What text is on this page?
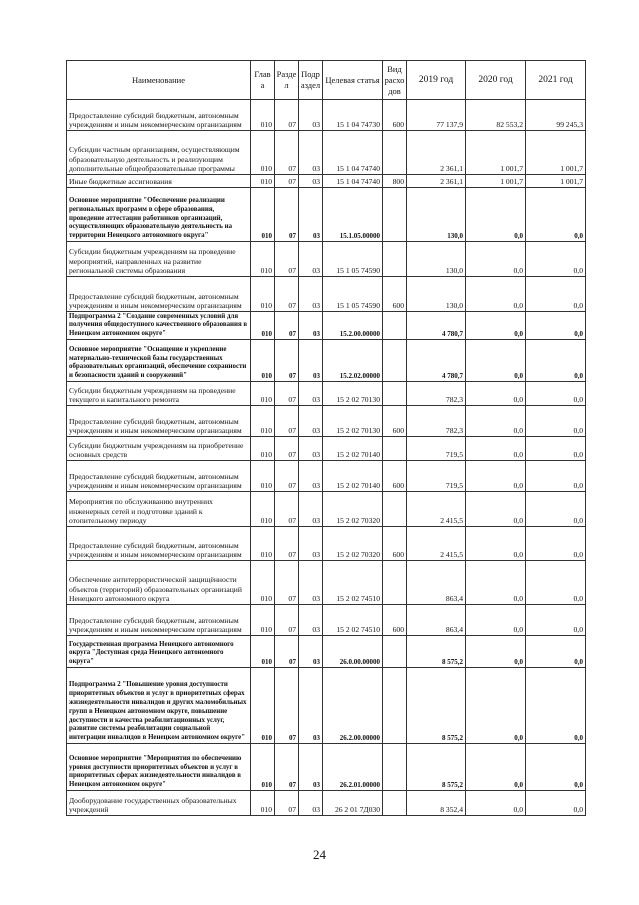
Наименование	Глав а	Разде л	Подр аздел	Целевая статья	Вид расхо дов	2019 год	2020 год	2021 год
Предоставление субсидий бюджетным, автономным учреждениям и иным некоммерческим организациям	010	07	03	15 1 04 74730	600	77 137,9	82 553,2	99 245,3
Субсидии частным организациям, осуществляющим образовательную деятельность и реализующим дополнительные общеобразовательные программы	010	07	03	15 1 04 74740		2 361,1	1 001,7	1 001,7
Иные бюджетные ассигнования	010	07	03	15 1 04 74740	800	2 361,1	1 001,7	1 001,7
Основное мероприятие "Обеспечение реализации региональных программ в сфере образования, проведение аттестации работников организаций, осуществляющих образовательную деятельность на территории Ненецкого автономного округа"	010	07	03	15.1.05.00000		130,0	0,0	0,0
Субсидии бюджетным учреждениям на проведение мероприятий, направленных на развитие региональной системы образования	010	07	03	15 1 05 74590		130,0	0,0	0,0
Предоставление субсидий бюджетным, автономным учреждениям и иным некоммерческим организациям	010	07	03	15 1 05 74590	600	130,0	0,0	0,0
Подпрограмма 2 "Создание современных условий для получения общедоступного качественного образования в Ненецком автономном округе"	010	07	03	15.2.00.00000		4 780,7	0,0	0,0
Основное мероприятие "Оснащение и укрепление материально-технической базы государственных образовательных организаций, обеспечение сохранности и безопасности зданий и сооружений"	010	07	03	15.2.02.00000		4 780,7	0,0	0,0
Субсидии бюджетным учреждениям на проведение текущего и капитального ремонта	010	07	03	15 2 02 70130		782,3	0,0	0,0
Предоставление субсидий бюджетным, автономным учреждениям и иным некоммерческим организациям	010	07	03	15 2 02 70130	600	782,3	0,0	0,0
Субсидии бюджетным учреждениям на приобретение основных средств	010	07	03	15 2 02 70140		719,5	0,0	0,0
Предоставление субсидий бюджетным, автономным учреждениям и иным некоммерческим организациям	010	07	03	15 2 02 70140	600	719,5	0,0	0,0
Мероприятия по обслуживанию внутренних инженерных сетей и подготовке зданий к отопительному периоду	010	07	03	15 2 02 70320		2 415,5	0,0	0,0
Предоставление субсидий бюджетным, автономным учреждениям и иным некоммерческим организациям	010	07	03	15 2 02 70320	600	2 415,5	0,0	0,0
Обеспечение антитеррористической защищённости объектов (территорий) образовательных организаций Ненецкого автономного округа	010	07	03	15 2 02 74510		863,4	0,0	0,0
Предоставление субсидий бюджетным, автономным учреждениям и иным некоммерческим организациям	010	07	03	15 2 02 74510	600	863,4	0,0	0,0
Государственная программа Ненецкого автономного округа "Доступная среда Ненецкого автономного округа"	010	07	03	26.0.00.00000		8 575,2	0,0	0,0
Подпрограмма 2 "Повышение уровня доступности приоритетных объектов и услуг в приоритетных сферах жизнедеятельности инвалидов и других маломобильных групп в Ненецком автономном округе, повышение доступности и качества реабилитационных услуг, развитие системы реабилитации социальной интеграции инвалидов в Ненецком автономном округе"	010	07	03	26.2.00.00000		8 575,2	0,0	0,0
Основное мероприятие "Мероприятия по обеспечению уровня доступности приоритетных объектов и услуг в приоритетных сферах жизнедеятельности инвалидов в Ненецком автономном округе"	010	07	03	26.2.01.00000		8 575,2	0,0	0,0
Дооборудование государственных образовательных учреждений	010	07	03	26 2 01 7Д030		8 352,4	0,0	0,0
24
